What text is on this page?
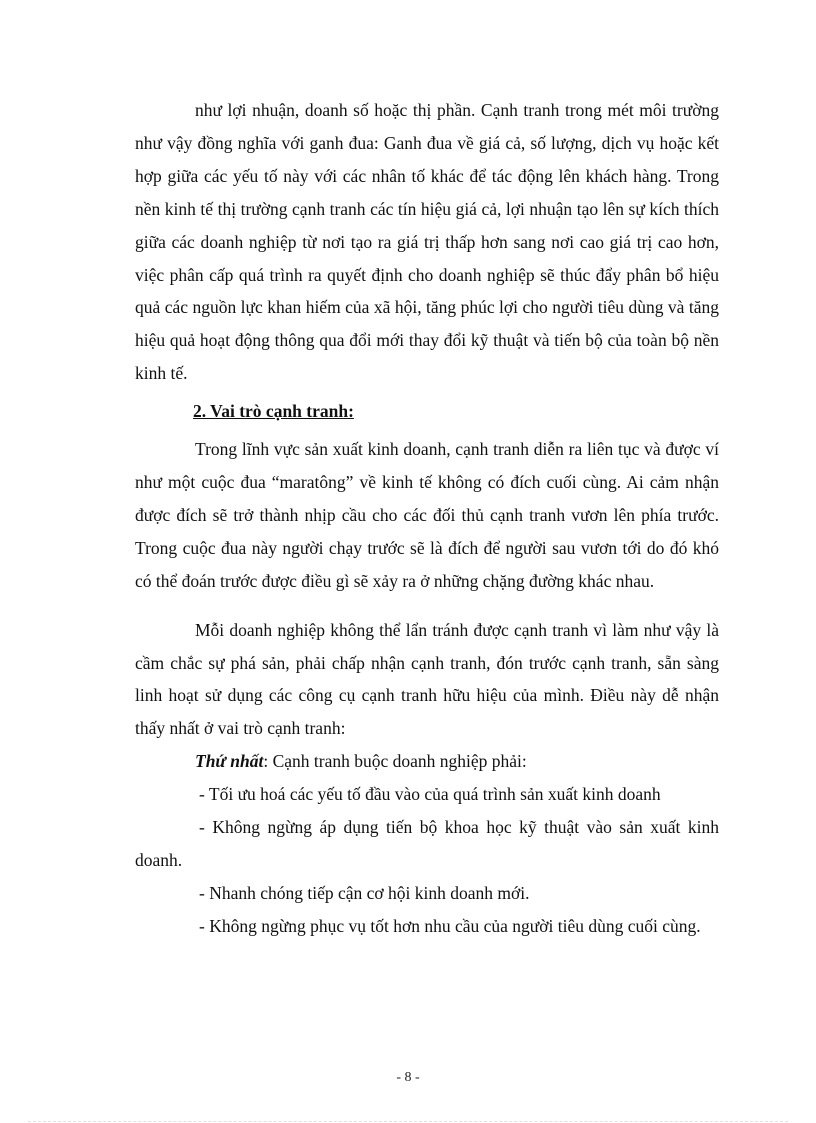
như lợi nhuận, doanh số hoặc thị phần. Cạnh tranh trong mét môi trường như vậy đồng nghĩa với ganh đua: Ganh đua về giá cả, số lượng, dịch vụ hoặc kết hợp giữa các yếu tố này với các nhân tố khác để tác động lên khách hàng. Trong nền kinh tế thị trường cạnh tranh các tín hiệu giá cả, lợi nhuận tạo lên sự kích thích giữa các doanh nghiệp từ nơi tạo ra giá trị thấp hơn sang nơi cao giá trị cao hơn, việc phân cấp quá trình ra quyết định cho doanh nghiệp sẽ thúc đẩy phân bổ hiệu quả các nguồn lực khan hiếm của xã hội, tăng phúc lợi cho người tiêu dùng và tăng hiệu quả hoạt động thông qua đổi mới thay đổi kỹ thuật và tiến bộ của toàn bộ nền kinh tế.

2. Vai trò cạnh tranh:

Trong lĩnh vực sản xuất kinh doanh, cạnh tranh diễn ra liên tục và được ví như một cuộc đua “maratông” về kinh tế không có đích cuối cùng. Ai cảm nhận được đích sẽ trở thành nhịp cầu cho các đối thủ cạnh tranh vươn lên phía trước. Trong cuộc đua này người chạy trước sẽ là đích để người sau vươn tới do đó khó có thể đoán trước được điều gì sẽ xảy ra ở những chặng đường khác nhau.

Mỗi doanh nghiệp không thể lẩn tránh được cạnh tranh vì làm như vậy là cầm chắc sự phá sản, phải chấp nhận cạnh tranh, đón trước cạnh tranh, sẵn sàng linh hoạt sử dụng các công cụ cạnh tranh hữu hiệu của mình. Điều này dễ nhận thấy nhất ở vai trò cạnh tranh:

Thứ nhất: Cạnh tranh buộc doanh nghiệp phải:

- Tối ưu hoá các yếu tố đầu vào của quá trình sản xuất kinh doanh

- Không ngừng áp dụng tiến bộ khoa học kỹ thuật vào sản xuất kinh doanh.

- Nhanh chóng tiếp cận cơ hội kinh doanh mới.

- Không ngừng phục vụ tốt hơn nhu cầu của người tiêu dùng cuối cùng.

- 8 -
